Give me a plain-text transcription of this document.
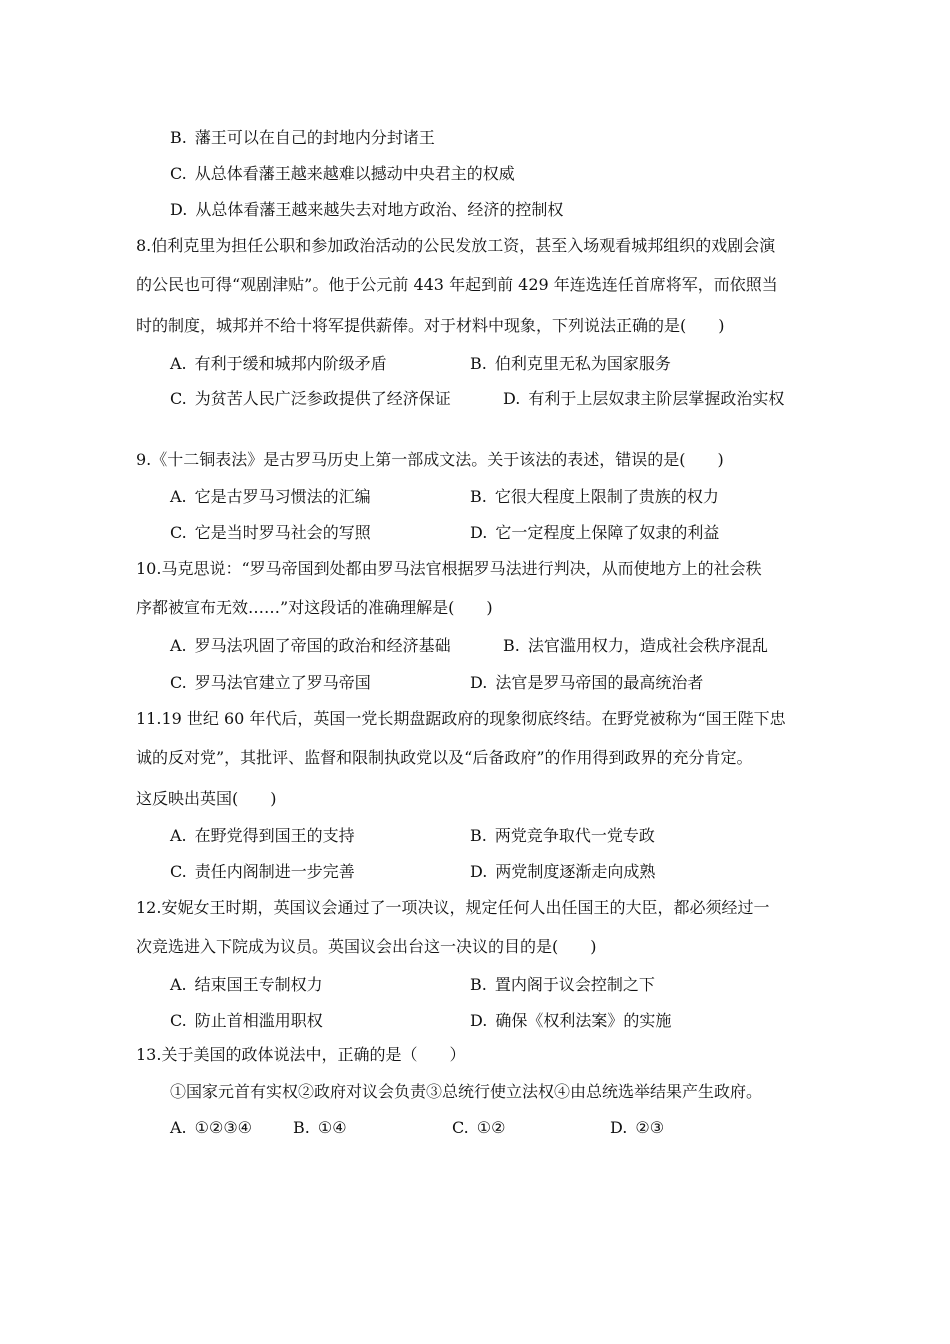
B. 藩王可以在自己的封地内分封诸王
C. 从总体看藩王越来越难以撼动中央君主的权威
D. 从总体看藩王越来越失去对地方政治、经济的控制权
8.伯利克里为担任公职和参加政治活动的公民发放工资，甚至入场观看城邦组织的戏剧会演
的公民也可得“观剧津贴”。他于公元前 443 年起到前 429 年连选连任首席将军，而依照当
时的制度，城邦并不给十将军提供薪俸。对于材料中现象，下列说法正确的是(　　)
A. 有利于缓和城邦内阶级矛盾	B. 伯利克里无私为国家服务
C. 为贫苦人民广泛参政提供了经济保证	D. 有利于上层奴隶主阶层掌握政治实权
9.《十二铜表法》是古罗马历史上第一部成文法。关于该法的表述，错误的是(　　)
A. 它是古罗马习惯法的汇编	B. 它很大程度上限制了贵族的权力
C. 它是当时罗马社会的写照	D. 它一定程度上保障了奴隶的利益
10.马克思说：“罗马帝国到处都由罗马法官根据罗马法进行判决，从而使地方上的社会秩
序都被宣布无效……”对这段话的准确理解是(　　)
A. 罗马法巩固了帝国的政治和经济基础	B. 法官滥用权力，造成社会秩序混乱
C. 罗马法官建立了罗马帝国	D. 法官是罗马帝国的最高统治者
11.19 世纪 60 年代后，英国一党长期盘踞政府的现象彻底终结。在野党被称为“国王陛下忠
诚的反对党”，其批评、监督和限制执政党以及“后备政府”的作用得到政界的充分肯定。
这反映出英国(　　)
A. 在野党得到国王的支持	B. 两党竞争取代一党专政
C. 责任内阁制进一步完善	D. 两党制度逐渐走向成熟
12.安妮女王时期，英国议会通过了一项决议，规定任何人出任国王的大臣，都必须经过一
次竞选进入下院成为议员。英国议会出台这一决议的目的是(　　)
A. 结束国王专制权力	B. 置内阁于议会控制之下
C. 防止首相滥用职权	D. 确保《权利法案》的实施
13.关于美国的政体说法中，正确的是（　　）
①国家元首有实权②政府对议会负责③总统行使立法权④由总统选举结果产生政府。
A. ①②③④	B. ①④	C. ①②	D. ②③
